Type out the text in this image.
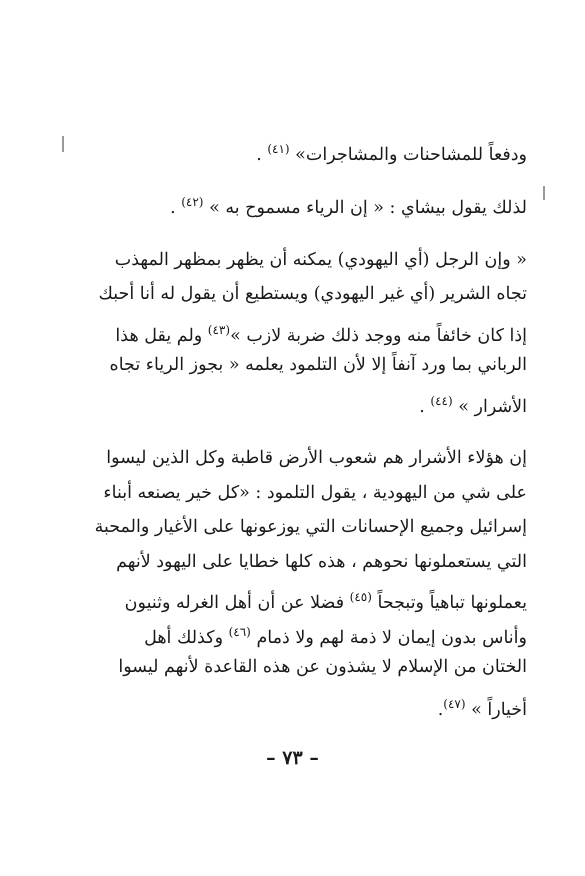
ودفعاً للمشاحنات والمشاجرات» $^{(٤١)}$ .
لذلك يقول بيشاي : « إن الرياء مسموح به » $^{(٤٢)}$ .
« وإن الرجل (أي اليهودي) يمكنه أن يظهر بمظهر المهذب
تجاه الشرير (أي غير اليهودي) ويستطيع أن يقول له أنا أحبك
إذا كان خائفاً منه ووجد ذلك ضربة لازب »$^{(٤٣)}$ ولم يقل هذا
الرباني بما ورد آنفاً إلا لأن التلمود يعلمه « بجوز الرياء تجاه
الأشرار » $^{(٤٤)}$ .
إن هؤلاء الأشرار هم شعوب الأرض قاطبة وكل الذين ليسوا
على شي من اليهودية ، يقول التلمود : «كل خير يصنعه أبناء
إسرائيل وجميع الإحسانات التي يوزعونها على الأغيار والمحبة
التي يستعملونها نحوهم ، هذه كلها خطايا على اليهود لأنهم
يعملونها تباهياً وتبجحاً $^{(٤٥)}$ فضلا عن أن أهل الغرله وثنيون
وأناس بدون إيمان لا ذمة لهم ولا ذمام $^{(٤٦)}$ وكذلك أهل
الختان من الإسلام لا يشذون عن هذه القاعدة لأنهم ليسوا
أخياراً » $^{(٤٧)}$.
– ٧٣ –
